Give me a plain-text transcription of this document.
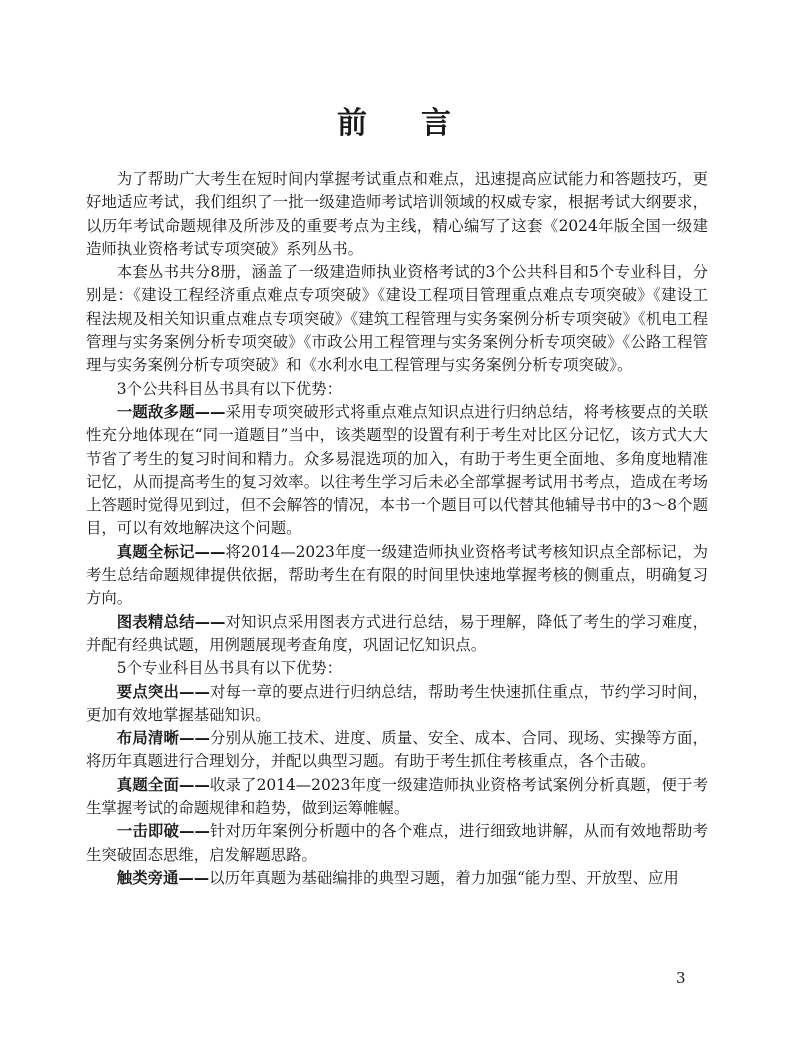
前 言

为了帮助广大考生在短时间内掌握考试重点和难点，迅速提高应试能力和答题技巧，更好地适应考试，我们组织了一批一级建造师考试培训领域的权威专家，根据考试大纲要求，以历年考试命题规律及所涉及的重要考点为主线，精心编写了这套《2024年版全国一级建造师执业资格考试专项突破》系列丛书。

本套丛书共分8册，涵盖了一级建造师执业资格考试的3个公共科目和5个专业科目，分别是：《建设工程经济重点难点专项突破》《建设工程项目管理重点难点专项突破》《建设工程法规及相关知识重点难点专项突破》《建筑工程管理与实务案例分析专项突破》《机电工程管理与实务案例分析专项突破》《市政公用工程管理与实务案例分析专项突破》《公路工程管理与实务案例分析专项突破》和《水利水电工程管理与实务案例分析专项突破》。

3个公共科目丛书具有以下优势：

一题敌多题——采用专项突破形式将重点难点知识点进行归纳总结，将考核要点的关联性充分地体现在“同一道题目”当中，该类题型的设置有利于考生对比区分记忆，该方式大大节省了考生的复习时间和精力。众多易混选项的加入，有助于考生更全面地、多角度地精准记忆，从而提高考生的复习效率。以往考生学习后未必全部掌握考试用书考点，造成在考场上答题时觉得见到过，但不会解答的情况，本书一个题目可以代替其他辅导书中的3～8个题目，可以有效地解决这个问题。

真题全标记——将2014—2023年度一级建造师执业资格考试考核知识点全部标记，为考生总结命题规律提供依据，帮助考生在有限的时间里快速地掌握考核的侧重点，明确复习方向。

图表精总结——对知识点采用图表方式进行总结，易于理解，降低了考生的学习难度，并配有经典试题，用例题展现考查角度，巩固记忆知识点。

5个专业科目丛书具有以下优势：

要点突出——对每一章的要点进行归纳总结，帮助考生快速抓住重点，节约学习时间，更加有效地掌握基础知识。

布局清晰——分别从施工技术、进度、质量、安全、成本、合同、现场、实操等方面，将历年真题进行合理划分，并配以典型习题。有助于考生抓住考核重点，各个击破。

真题全面——收录了2014—2023年度一级建造师执业资格考试案例分析真题，便于考生掌握考试的命题规律和趋势，做到运筹帷幄。

一击即破——针对历年案例分析题中的各个难点，进行细致地讲解，从而有效地帮助考生突破固态思维，启发解题思路。

触类旁通——以历年真题为基础编排的典型习题，着力加强“能力型、开放型、应用

3
